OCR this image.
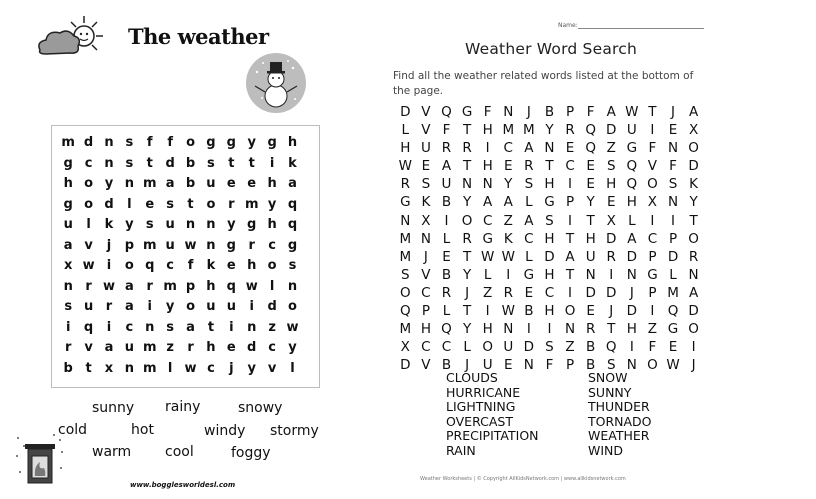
The weather
m d n s	f	f	o g g y g h
g c n s	t d b s	t	t	i	k
h o y n m a b u e e h a
g o d	l	e s	t o r m y q
u	l	k y s u n n y g h q
a v	j	p m u w n g r	c g
x w i	o q c	f	k e h o s
n r w a r m p h q w l	n
s u r a	i	y o u u	i	d o
i	q	i	c n s a t	i	n z w
r v a u m z	r h e d c y
b t	x n m l w c	j	y v	l
sunny rainy	snowy
cold	hot	windy stormy
warm cool	foggy
www.bogglesworldesl.com
Name:
Weather Word Search
Find all the weather related words listed at the bottom of the page.
D V Q G F N	J	B P F A W T	J	A
L V F T H M M Y R Q D U	I	E X
H U R R	I	C A N E Q Z G F N O
W E A T H E R T C E S Q V F D
R S U N N Y S H	I	E H Q O S K
G K B Y A A L G P Y E H X N Y
N X	I O C Z A S	I	T X L	I	I	T
M N L R G K C H T H D A C P O
M J	E T W W L D A U R D P D R
S V B Y L	I G H T N	I	N G L N
O C R	J	Z R E C	I D D J	P M A
Q P L T	I W B H O E	J D I Q D
M H Q Y H N	I	I	N R T H Z G O
X C C L O U D S Z B Q I	F E	I
D V B	J	U E N F P B S N O W J
CLOUDS
HURRICANE
LIGHTNING
OVERCAST
PRECIPITATION
RAIN
SNOW
SUNNY
THUNDER
TORNADO
WEATHER
WIND
Weather Worksheets | © Copyright AllKidsNetwork.com | www.allkidsnetwork.com
